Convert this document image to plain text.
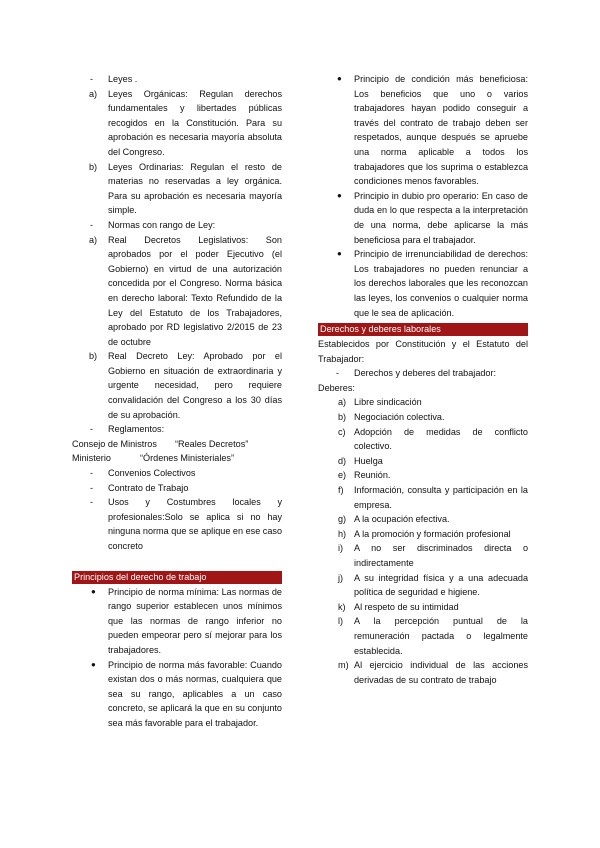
-	Leyes .
a)	Leyes Orgánicas: Regulan derechos fundamentales y libertades públicas recogidos en la Constitución. Para su aprobación es necesaria mayoría absoluta del Congreso.
b)	Leyes Ordinarias: Regulan el resto de materias no reservadas a ley orgánica. Para su aprobación es necesaria mayoría simple.
-	Normas con rango de Ley:
a)	Real Decretos Legislativos: Son aprobados por el poder Ejecutivo (el Gobierno) en virtud de una autorización concedida por el Congreso. Norma básica en derecho laboral: Texto Refundido de la Ley del Estatuto de los Trabajadores, aprobado por RD legislativo 2/2015 de 23 de octubre
b)	Real Decreto Ley: Aprobado por el Gobierno en situación de extraordinaria y urgente necesidad, pero requiere convalidación del Congreso a los 30 días de su aprobación.
-	Reglamentos:
Consejo de Ministros	“Reales Decretos”
Ministerio	“Órdenes Ministeriales”
-	Convenios Colectivos
-	Contrato de Trabajo
-	Usos y Costumbres locales y profesionales:Solo se aplica si no hay ninguna norma que se aplique en ese caso concreto
Principios del derecho de trabajo
●	Principio de norma mínima: Las normas de rango superior establecen unos mínimos que las normas de rango inferior no pueden empeorar pero sí mejorar para los trabajadores.
●	Principio de norma más favorable: Cuando existan dos o más normas, cualquiera que sea su rango, aplicables a un caso concreto, se aplicará la que en su conjunto sea más favorable para el trabajador.
●	Principio de condición más beneficiosa: Los beneficios que uno o varios trabajadores hayan podido conseguir a través del contrato de trabajo deben ser respetados, aunque después se apruebe una norma aplicable a todos los trabajadores que los suprima o establezca condiciones menos favorables.
●	Principio in dubio pro operario: En caso de duda en lo que respecta a la interpretación de una norma, debe aplicarse la más beneficiosa para el trabajador.
●	Principio de irrenunciabilidad de derechos: Los trabajadores no pueden renunciar a los derechos laborales que les reconozcan las leyes, los convenios o cualquier norma que le sea de aplicación.
Derechos y deberes laborales
Establecidos por Constitución y el Estatuto del Trabajador:
-	Derechos y deberes del trabajador:
Deberes:
a) Libre sindicación
b) Negociación colectiva.
c) Adopción de medidas de conflicto colectivo.
d) Huelga
e) Reunión.
f)	Información, consulta y participación en la empresa.
g) A la ocupación efectiva.
h) A la promoción y formación profesional
i)	A no ser discriminados directa o indirectamente
j)	A su integridad física y a una adecuada política de seguridad e higiene.
k) Al respeto de su intimidad
l)	A la percepción puntual de la remuneración pactada o legalmente establecida.
m) Al ejercicio individual de las acciones derivadas de su contrato de trabajo
